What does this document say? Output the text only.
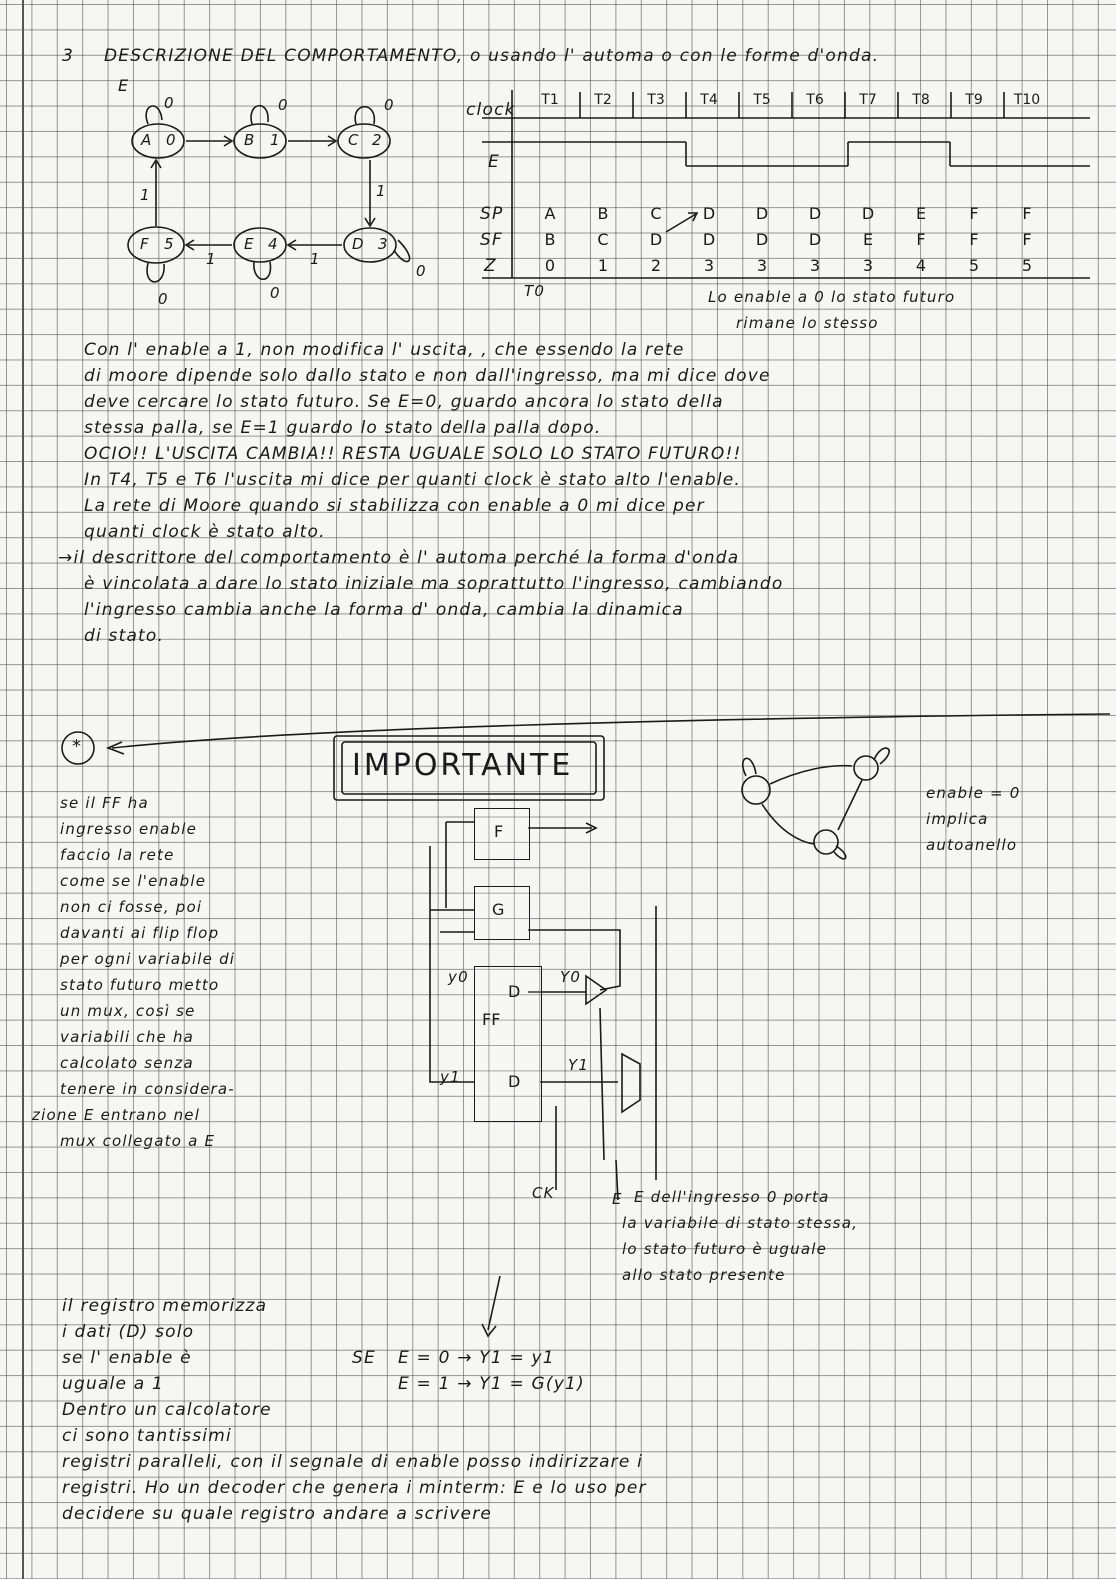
3 DESCRIZIONE DEL COMPORTAMENTO, o usando l' automa o con le forme d'onda.
E
A 0	B 1	C 2
F 5	E 4	D 3
0	0	0
0
0
0
1	1
1	1
clock
E
SP
SF
Z
T0
T1	T2	T3	T4	T5	T6	T7	T8	T9	T10
A	B	C	D	D	D	D	E	F	F
B	C	D	D	D	D	E	F	F	F
0	1	2	3	3	3	3	4	5	5
Lo enable a 0 lo stato futuro
rimane lo stesso
Con l' enable a 1, non modifica l' uscita, , che essendo la rete
di moore dipende solo dallo stato e non dall'ingresso, ma mi dice dove
deve cercare lo stato futuro. Se E=0, guardo ancora lo stato della
stessa palla, se E=1 guardo lo stato della palla dopo.
OCIO!! L'USCITA CAMBIA!! RESTA UGUALE SOLO LO STATO FUTURO!!
In T4, T5 e T6 l'uscita mi dice per quanti clock è stato alto l'enable.
La rete di Moore quando si stabilizza con enable a 0 mi dice per
quanti clock è stato alto.
→il descrittore del comportamento è l' automa perché la forma d'onda
è vincolata a dare lo stato iniziale ma soprattutto l'ingresso, cambiando
l'ingresso cambia anche la forma d' onda, cambia la dinamica
di stato.
*
IMPORTANTE
se il FF ha
ingresso enable
faccio la rete
come se l'enable
non ci fosse, poi
davanti ai flip flop
per ogni variabile di
stato futuro metto
un mux, così se
variabili che ha
calcolato senza
tenere in considera-
zione E entrano nel
mux collegato a E
F
G
D
FF
D
y0	Y0
y1
Y1
CK	E
enable = 0
implica
autoanello
E dell'ingresso 0 porta
la variabile di stato stessa,
lo stato futuro è uguale
allo stato presente
il registro memorizza
i dati (D) solo
se l' enable è
uguale a 1
SE E = 0 → Y1 = y1
E = 1 → Y1 = G(y1)
Dentro un calcolatore
ci sono tantissimi
registri paralleli, con il segnale di enable posso indirizzare i
registri. Ho un decoder che genera i minterm: E e lo uso per
decidere su quale registro andare a scrivere
